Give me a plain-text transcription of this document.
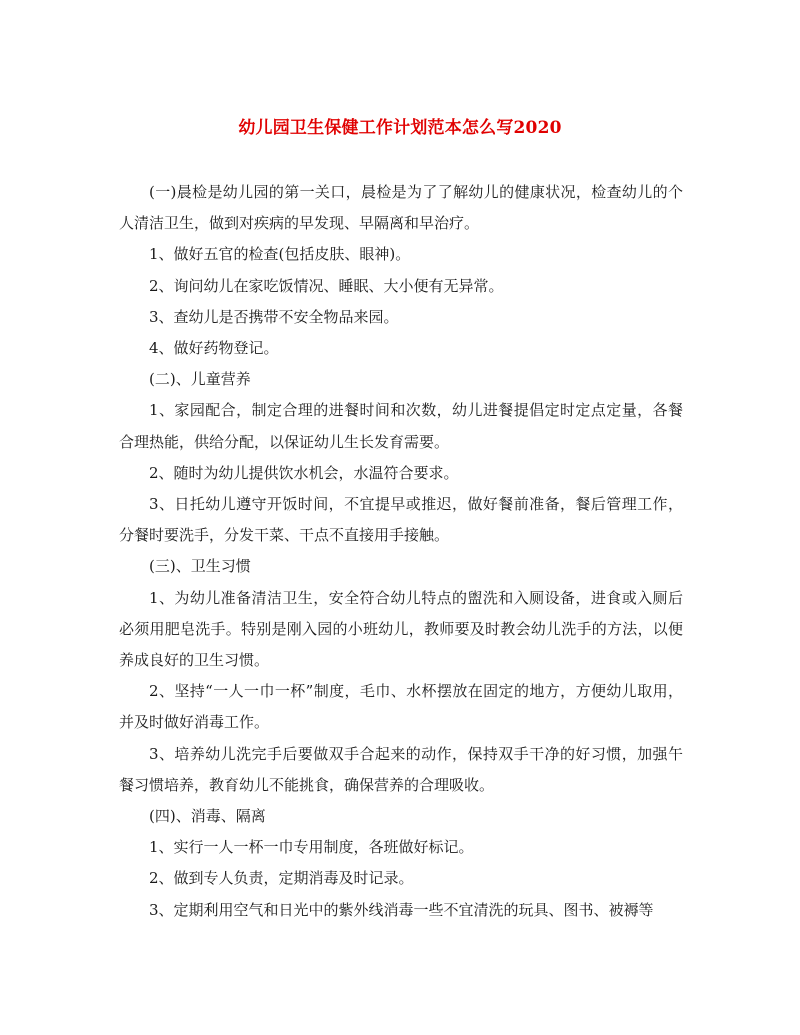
幼儿园卫生保健工作计划范本怎么写2020

(一)晨检是幼儿园的第一关口，晨检是为了了解幼儿的健康状况，检查幼儿的个人清洁卫生，做到对疾病的早发现、早隔离和早治疗。

1、做好五官的检查(包括皮肤、眼神)。

2、询问幼儿在家吃饭情况、睡眠、大小便有无异常。

3、查幼儿是否携带不安全物品来园。

4、做好药物登记。

(二)、儿童营养

1、家园配合，制定合理的进餐时间和次数，幼儿进餐提倡定时定点定量，各餐合理热能，供给分配，以保证幼儿生长发育需要。

2、随时为幼儿提供饮水机会，水温符合要求。

3、日托幼儿遵守开饭时间，不宜提早或推迟，做好餐前准备，餐后管理工作，分餐时要洗手，分发干菜、干点不直接用手接触。

(三)、卫生习惯

1、为幼儿准备清洁卫生，安全符合幼儿特点的盥洗和入厕设备，进食或入厕后必须用肥皂洗手。特别是刚入园的小班幼儿，教师要及时教会幼儿洗手的方法，以便养成良好的卫生习惯。

2、坚持“一人一巾一杯”制度，毛巾、水杯摆放在固定的地方，方便幼儿取用，并及时做好消毒工作。

3、培养幼儿洗完手后要做双手合起来的动作，保持双手干净的好习惯，加强午餐习惯培养，教育幼儿不能挑食，确保营养的合理吸收。

(四)、消毒、隔离

1、实行一人一杯一巾专用制度，各班做好标记。

2、做到专人负责，定期消毒及时记录。

3、定期利用空气和日光中的紫外线消毒一些不宜清洗的玩具、图书、被褥等
